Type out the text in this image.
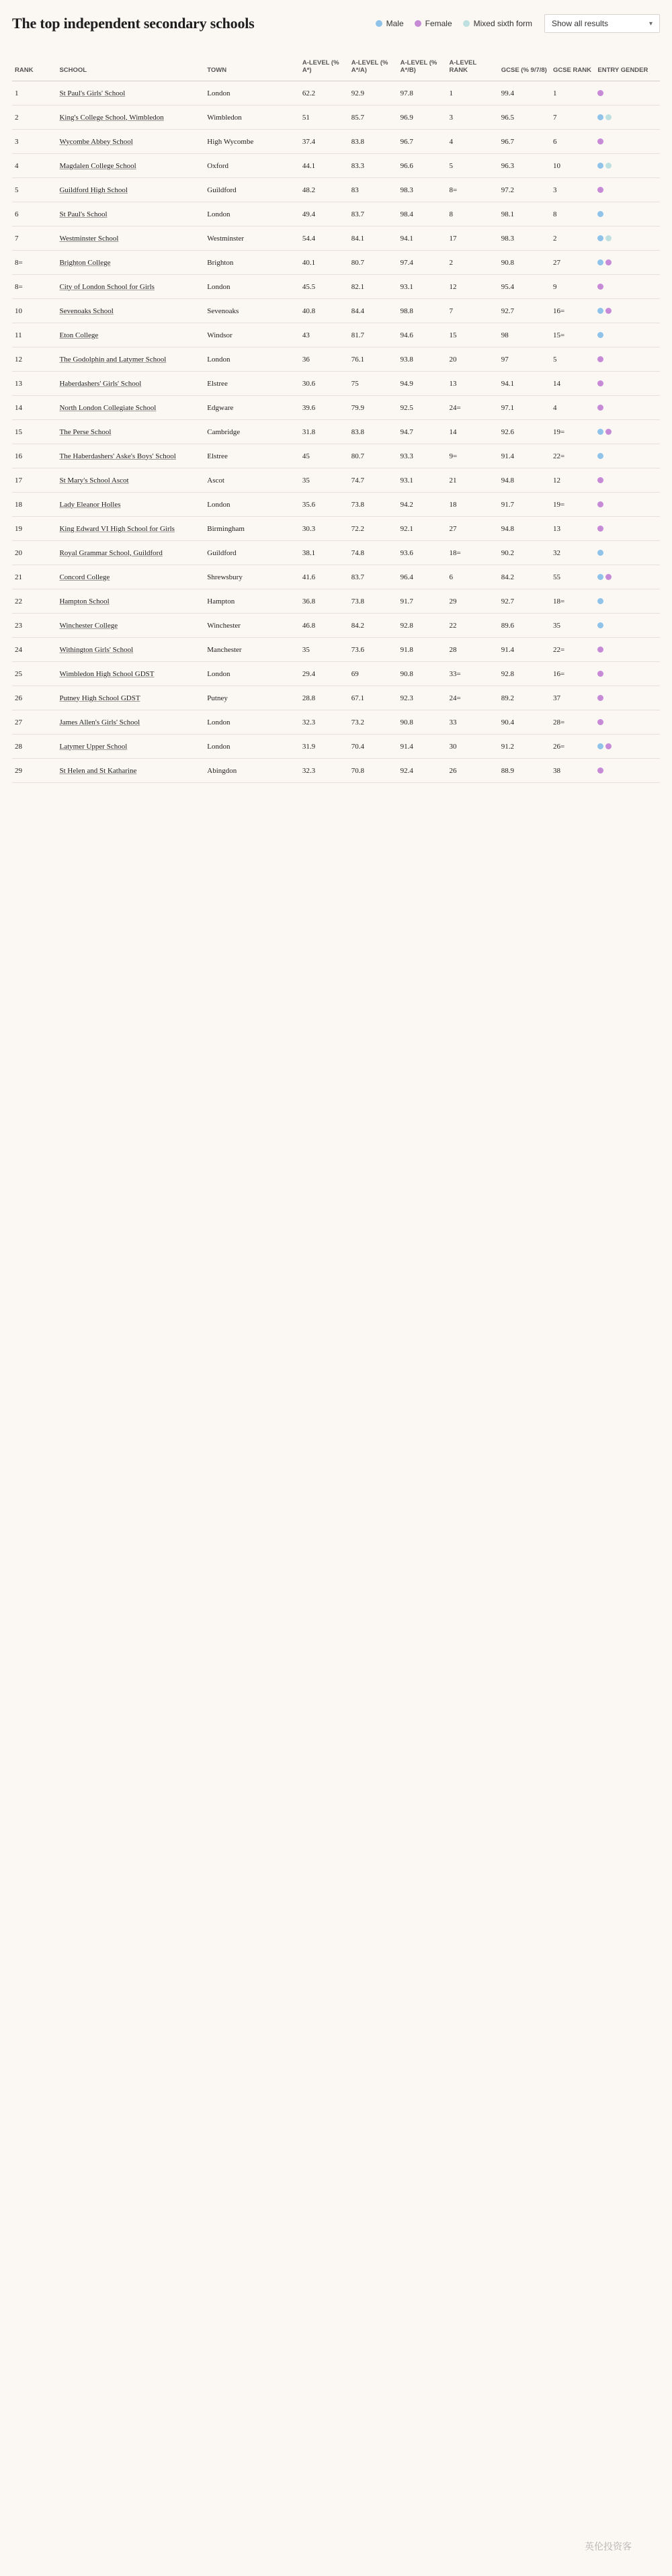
The top independent secondary schools	Male	Female	Mixed sixth form Show all results	▾
RANK	SCHOOL	TOWN	A-LEVEL (% A*)	A-LEVEL (% A*/A)	A-LEVEL (% A*/B)	A-LEVEL RANK	GCSE (% 9/7/8)	GCSE RANK	ENTRY GENDER
1	St Paul's Girls' School	London	62.2	92.9	97.8	1	99.4	1	

2	King's College School, Wimbledon	Wimbledon	51	85.7	96.9	3	96.5	7	

3	Wycombe Abbey School	High Wycombe	37.4	83.8	96.7	4	96.7	6	

4	Magdalen College School	Oxford	44.1	83.3	96.6	5	96.3	10	

5	Guildford High School	Guildford	48.2	83	98.3	8=	97.2	3	

6	St Paul's School	London	49.4	83.7	98.4	8	98.1	8	

7	Westminster School	Westminster	54.4	84.1	94.1	17	98.3	2	

8=	Brighton College	Brighton	40.1	80.7	97.4	2	90.8	27	

8=	City of London School for Girls	London	45.5	82.1	93.1	12	95.4	9	

10	Sevenoaks School	Sevenoaks	40.8	84.4	98.8	7	92.7	16=	

11	Eton College	Windsor	43	81.7	94.6	15	98	15=	

12	The Godolphin and Latymer School	London	36	76.1	93.8	20	97	5	

13	Haberdashers' Girls' School	Elstree	30.6	75	94.9	13	94.1	14	

14	North London Collegiate School	Edgware	39.6	79.9	92.5	24=	97.1	4	

15	The Perse School	Cambridge	31.8	83.8	94.7	14	92.6	19=	

16	The Haberdashers' Aske's Boys' School	Elstree	45	80.7	93.3	9=	91.4	22=	

17	St Mary's School Ascot	Ascot	35	74.7	93.1	21	94.8	12	

18	Lady Eleanor Holles	London	35.6	73.8	94.2	18	91.7	19=	

19	King Edward VI High School for Girls	Birmingham	30.3	72.2	92.1	27	94.8	13	

20	Royal Grammar School, Guildford	Guildford	38.1	74.8	93.6	18=	90.2	32	

21	Concord College	Shrewsbury	41.6	83.7	96.4	6	84.2	55	

22	Hampton School	Hampton	36.8	73.8	91.7	29	92.7	18=	

23	Winchester College	Winchester	46.8	84.2	92.8	22	89.6	35	

24	Withington Girls' School	Manchester	35	73.6	91.8	28	91.4	22=	

25	Wimbledon High School GDST	London	29.4	69	90.8	33=	92.8	16=	

26	Putney High School GDST	Putney	28.8	67.1	92.3	24=	89.2	37	

27	James Allen's Girls' School	London	32.3	73.2	90.8	33	90.4	28=	

28	Latymer Upper School	London	31.9	70.4	91.4	30	91.2	26=	

29	St Helen and St Katharine	Abingdon	32.3	70.8	92.4	26	88.9	38	
英伦投资客
